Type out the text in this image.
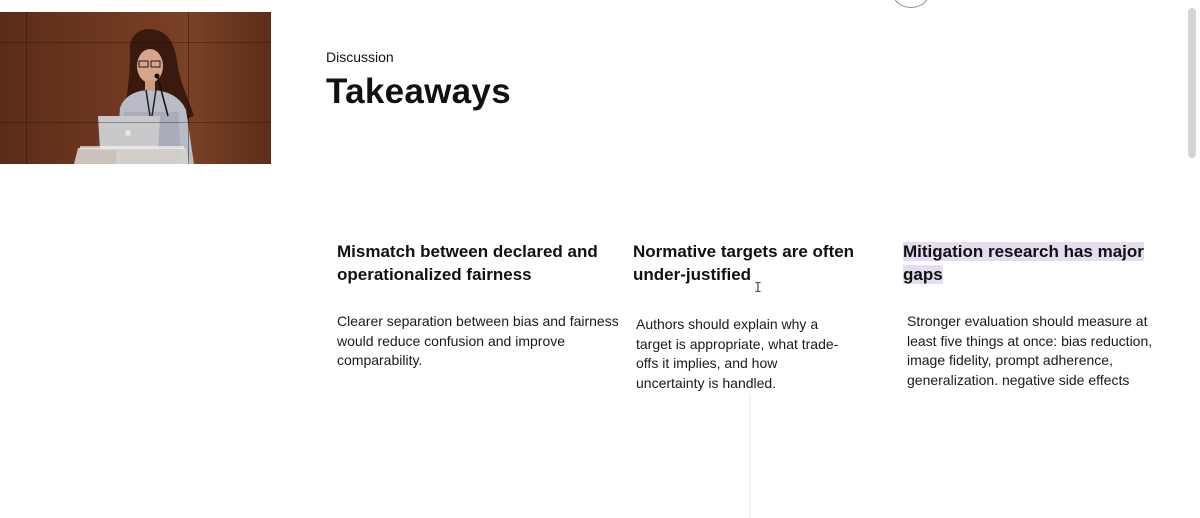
Discussion
Takeaways
Mismatch between declared and
operationalized fairness

Clearer separation between bias and fairness would reduce confusion and improve comparability.

Normative targets are often
under-justified

Authors should explain why a target is appropriate, what trade-offs it implies, and how uncertainty is handled.

Mitigation research has major
gaps

Stronger evaluation should measure at least five things at once: bias reduction, image fidelity, prompt adherence, generalization. negative side effects

I
